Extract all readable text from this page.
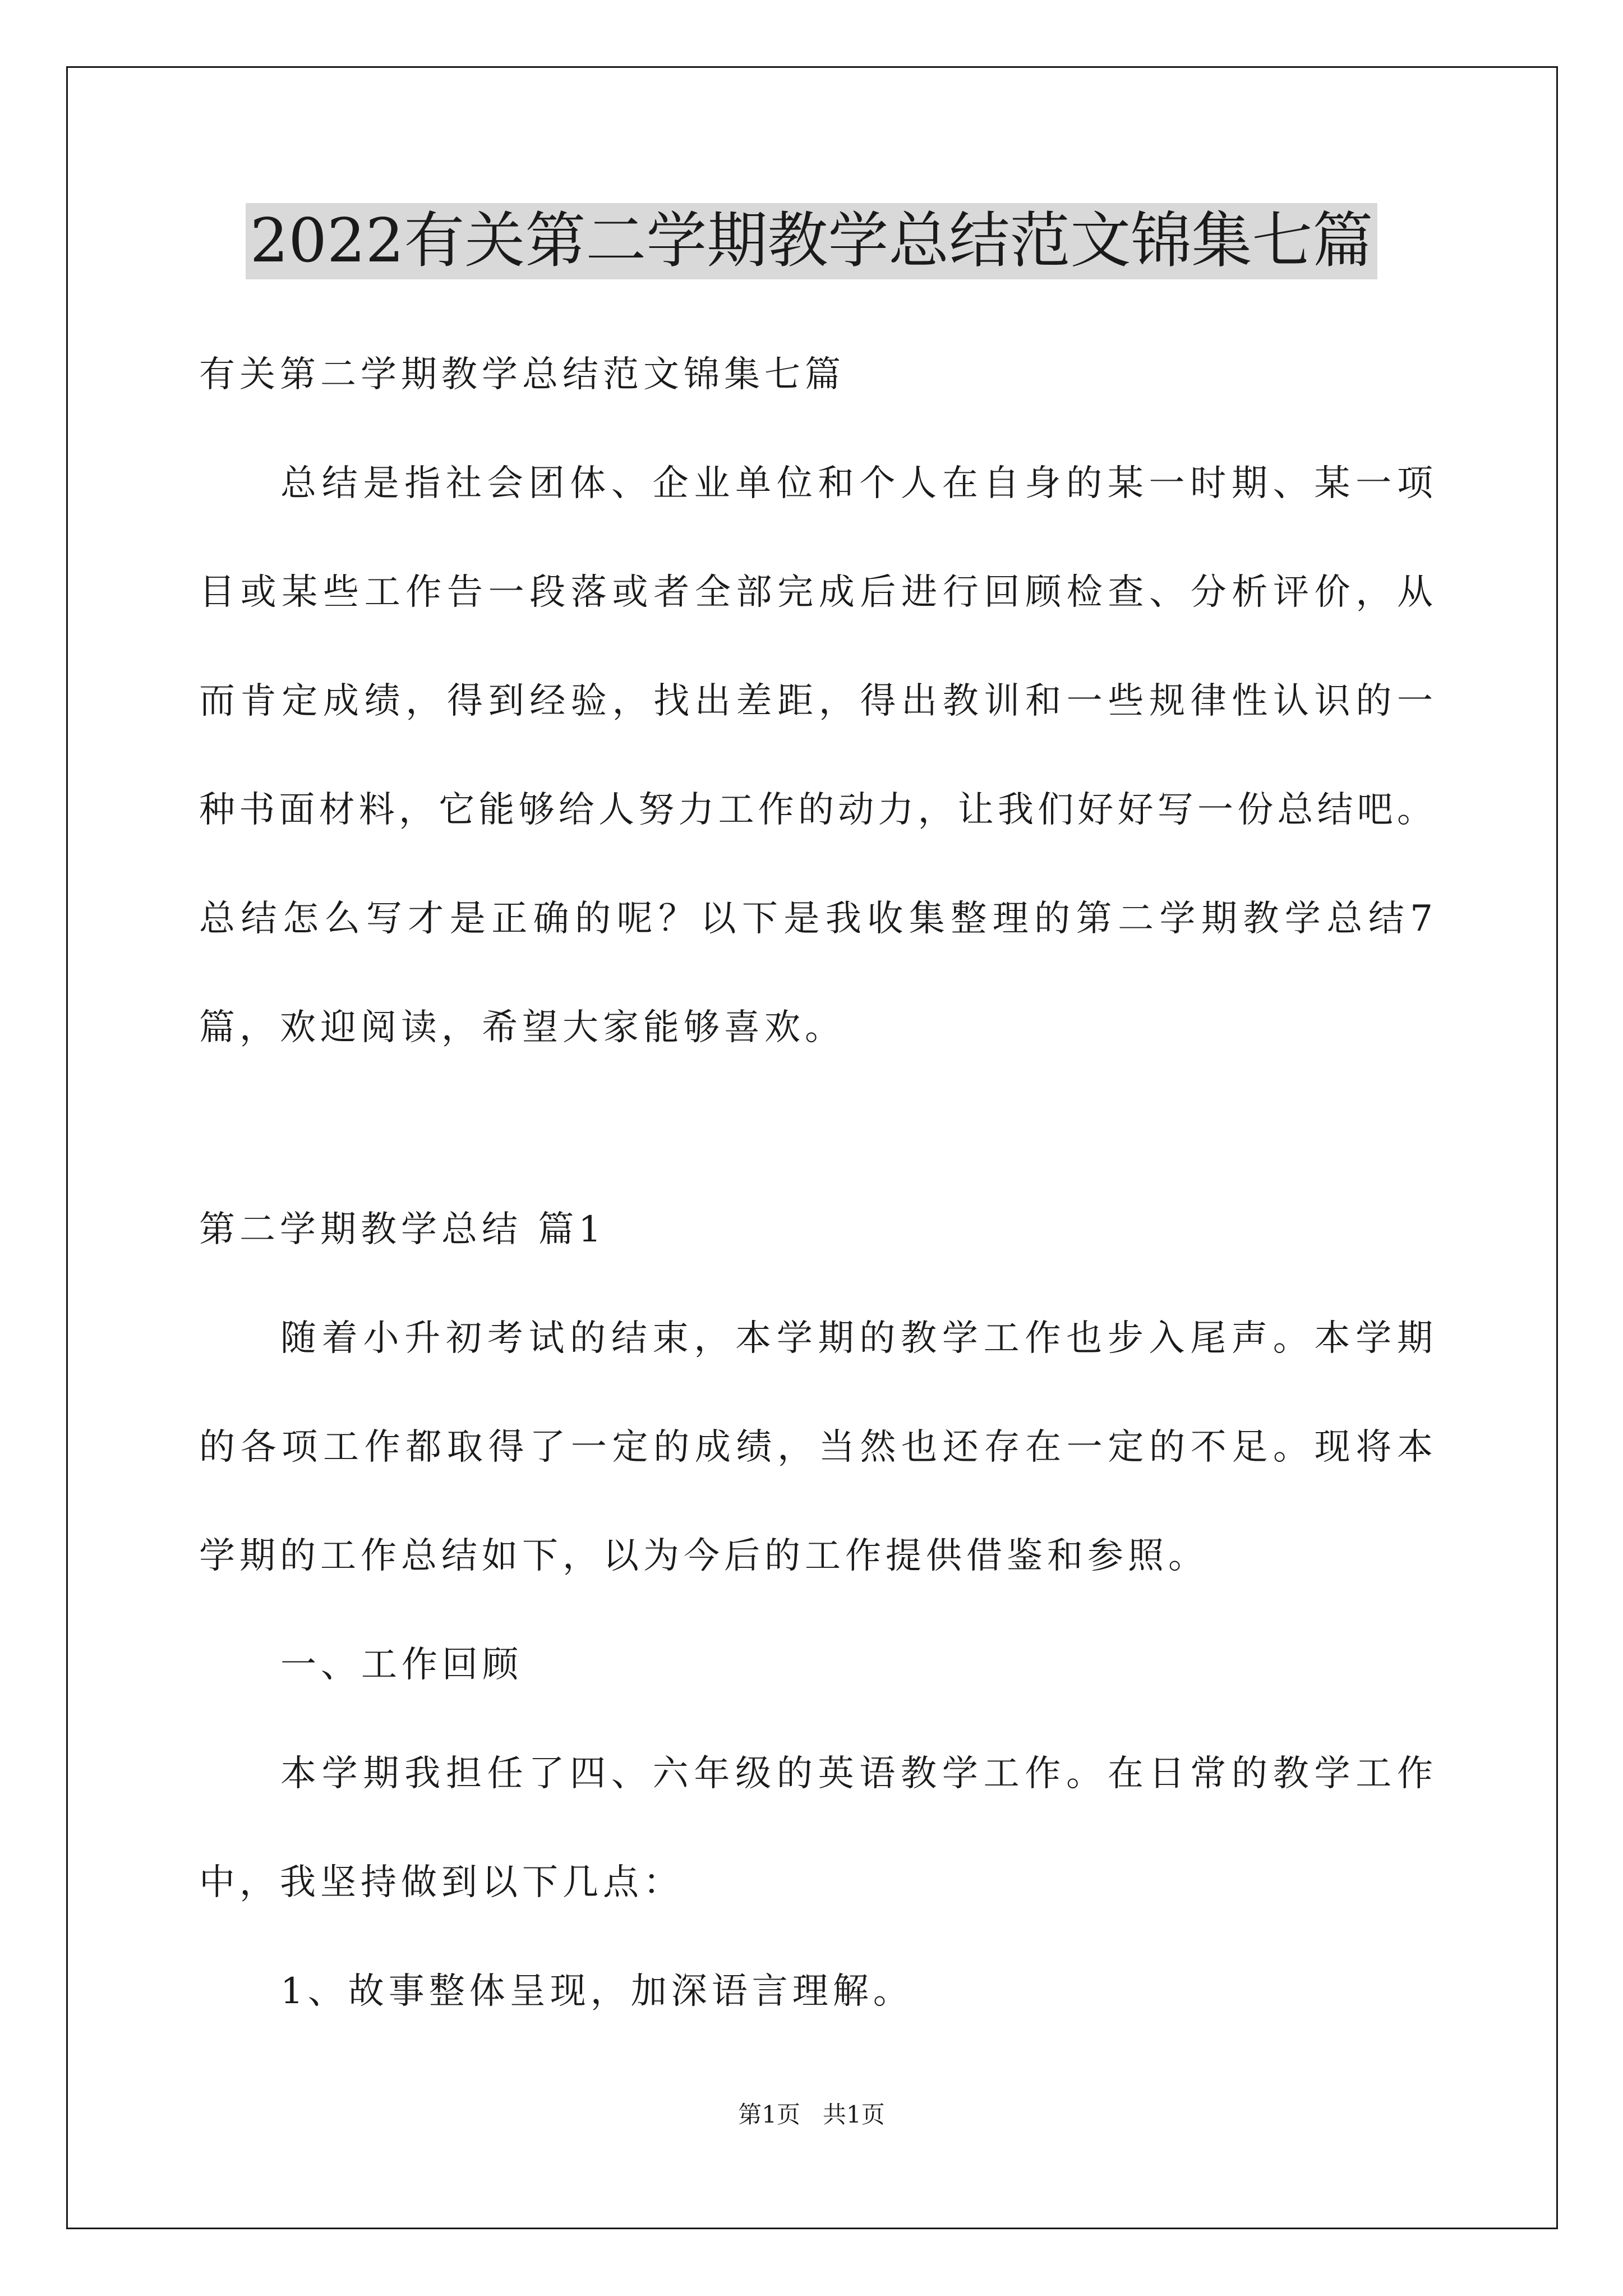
2022有关第二学期教学总结范文锦集七篇
有关第二学期教学总结范文锦集七篇
总结是指社会团体、企业单位和个人在自身的某一时期、某一项
目或某些工作告一段落或者全部完成后进行回顾检查、分析评价，从
而肯定成绩，得到经验，找出差距，得出教训和一些规律性认识的一
种书面材料，它能够给人努力工作的动力，让我们好好写一份总结吧。
总结怎么写才是正确的呢？以下是我收集整理的第二学期教学总结7
篇，欢迎阅读，希望大家能够喜欢。
第二学期教学总结 篇1
随着小升初考试的结束，本学期的教学工作也步入尾声。本学期
的各项工作都取得了一定的成绩，当然也还存在一定的不足。现将本
学期的工作总结如下，以为今后的工作提供借鉴和参照。
一、工作回顾
本学期我担任了四、六年级的英语教学工作。在日常的教学工作
中，我坚持做到以下几点：
1、故事整体呈现，加深语言理解。
第1页   共1页
